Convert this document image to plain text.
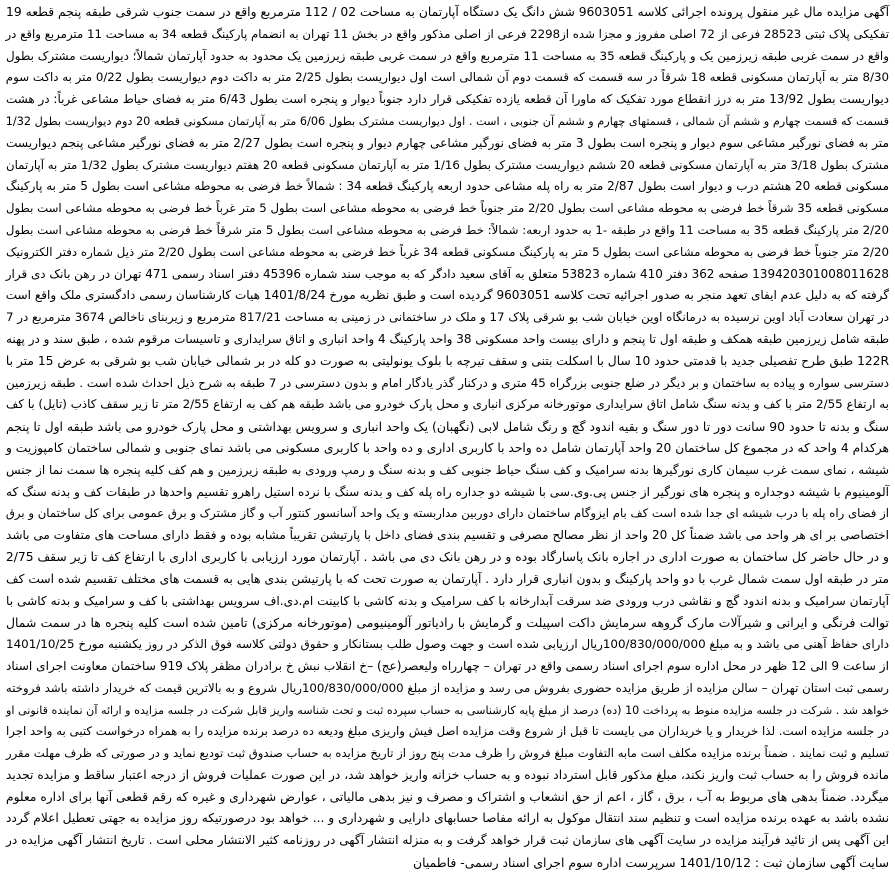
آگهی مزایده مال غیر منقول پرونده اجرائی کلاسه 9603051 شش دانگ یک دستگاه آپارتمان به مساحت 02 / 112 مترمربع واقع در سمت جنوب شرقی طبقه پنجم قطعه 19
تفکیکی پلاک ثبتی 28523 فرعی از 72 اصلی مفروز و مجزا شده از2298 فرعی از اصلی مذکور واقع در بخش 11 تهران به انضمام پارکینگ قطعه 34 به مساحت 11 مترمربع واقع در
واقع در سمت غربی طبقه زیرزمین یک و پارکینگ قطعه 35 به مساحت 11 مترمربع واقع در سمت غربی طبقه زیرزمین یک محدود به حدود آپارتمان شمالاً؛ دیواریست مشترک بطول
8/30 متر به آپارتمان مسکونی قطعه 18 شرقاً در سه قسمت که قسمت دوم آن شمالی است اول دیواریست بطول 2/25 متر به داکت دوم دیواریست بطول 0/22 متر به داکت سوم
دیواریست بطول 13/92 متر به درز انقطاع مورد تفکیک که ماورا آن قطعه یازده تفکیکی قرار دارد جنوباً دیوار و پنجره است بطول 6/43 متر به فضای حیاط مشاعی غرباً: در هشت
قسمت که قسمت چهارم و ششم آن شمالی ، قسمتهای چهارم و ششم آن جنوبی ، است . اول دیواریست مشترک بطول 6/06 متر به آپارتمان مسکونی قطعه 20 دوم دیواریست بطول 1/32
متر به فضای نورگیر مشاعی سوم دیوار و پنجره است بطول 3 متر به فضای نورگیر مشاعی چهارم دیوار و پنجره است بطول 2/27 متر به فضای نورگیر مشاعی پنجم دیواریست
مشترک بطول 3/18 متر به آپارتمان مسکونی قطعه 20 ششم دیواریست مشترک بطول 1/16 متر به آپارتمان مسکونی قطعه 20 هفتم دیواریست مشترک بطول 1/32 متر به آپارتمان
مسکونی قطعه 20 هشتم درب و دیوار است بطول 2/87 متر به راه پله مشاعی حدود اربعه پارکینگ قطعه 34 : شمالاً خط فرضی به محوطه مشاعی است بطول 5 متر به پارکینگ
مسکونی قطعه 35 شرقاً خط فرضی به محوطه مشاعی است بطول 2/20 متر جنوباً خط فرضی به محوطه مشاعی است بطول 5 متر غرباً خط فرضی به محوطه مشاعی است بطول
2/20 متر پارکینگ قطعه 35 به مساحت 11 واقع در طبقه -1 به حدود اربعه: شمالاً: خط فرضی به محوطه مشاعی است بطول 5 متر شرقاً خط فرضی به محوطه مشاعی است بطول
2/20 متر جنوباً خط فرضی به محوطه مشاعی است بطول 5 متر به پارکینگ مسکونی قطعه 34 غرباً خط فرضی به محوطه مشاعی است بطول 2/20 متر ذیل شماره دفتر الکترونیک
139420301008011628 صفحه 362 دفتر 410 شماره 53823 متعلق به آقای سعید دادگر که به موجب سند شماره 45396 دفتر اسناد رسمی 471 تهران در رهن بانک دی قرار
گرفته که به دلیل عدم ایفای تعهد منجر به صدور اجرائیه تحت کلاسه 9603051 گردیده است و طبق نظریه مورخ 1401/8/24 هیات کارشناسان رسمی دادگستری ملک واقع است
در تهران سعادت آباد اوین نرسیده به درمانگاه اوین خیابان شب بو شرقی پلاک 17 و ملک در ساختمانی در زمینی به مساحت 817/21 مترمربع و زیربنای ناخالص 3674 مترمربع در 7
طبقه شامل زیرزمین طبقه همکف و طبقه اول تا پنجم و دارای بیست واحد مسکونی 38 واحد پارکینگ 4 واحد انباری و اتاق سرایداری و تاسیسات مرقوم شده ، طبق سند و در پهنه
122R طبق طرح تفصیلی جدید با قدمتی حدود 10 سال با اسکلت بتنی و سقف تیرچه با بلوک یونولیتی به صورت دو کله در بر شمالی خیابان شب بو شرقی به عرض 15 متر با
دسترسی سواره و پیاده به ساختمان و بر دیگر در ضلع جنوبی بزرگراه 45 متری و درکنار گذر یادگار امام و بدون دسترسی در 7 طبقه به شرح ذیل احداث شده است . طبقه زیرزمین
به ارتفاع 2/55 متر با کف و بدنه سنگ شامل اتاق سرایداری موتورخانه مرکزی انباری و محل پارک خودرو می باشد طبقه هم کف به ارتفاع 2/55 متر تا زیر سقف کاذب (تایل) با کف
سنگ و بدنه تا حدود 90 سانت دور تا دور سنگ و بقیه اندود گچ و رنگ شامل لابی (نگهبان) یک واحد انباری و سرویس بهداشتی و محل پارک خودرو می باشد طبقه اول تا پنجم
هرکدام 4 واحد که در مجموع کل ساختمان 20 واحد آپارتمان شامل ده واحد با کاربری اداری و ده واحد با کاربری مسکونی می باشد نمای جنوبی و شمالی ساختمان کامپوزیت و
شیشه ، نمای سمت غرب سیمان کاری نورگیرها بدنه سرامیک و کف سنگ حیاط جنوبی کف و بدنه سنگ و رمپ ورودی به طبقه زیرزمین و هم کف کلیه پنجره ها سمت نما از جنس
آلومینیوم با شیشه دوجداره و پنجره های نورگیر از جنس پی.وی.سی با شیشه دو جداره راه پله کف و بدنه سنگ با نرده استیل راهرو تقسیم واحدها در طبقات کف و بدنه سنگ که
از فضای راه پله با درب شیشه ای جدا شده است کف بام ایزوگام ساختمان دارای دوربین مداربسته و یک واحد آسانسور کنتور آب و گاز مشترک و برق عمومی برای کل ساختمان و برق
اختصاصی بر ای هر واحد می باشد ضمناً کل 20 واحد از نظر مصالح مصرفی و تقسیم بندی فضای داخل با پارتیشن تقریباً مشابه بوده و فقط دارای مساحت های متفاوت می باشد
و در حال حاضر کل ساختمان به صورت اداری در اجاره بانک پاسارگاد بوده و در رهن بانک دی می باشد . آپارتمان مورد ارزیابی با کاربری اداری با ارتفاع کف تا زیر سقف 2/75
متر در طبقه اول سمت شمال غرب با دو واحد پارکینگ و بدون انباری قرار دارد . آپارتمان به صورت تحت که با پارتیشن بندی هایی به قسمت های مختلف تقسیم شده است کف
آپارتمان سرامیک و بدنه اندود گچ و نقاشی درب ورودی ضد سرقت آبدارخانه با کف سرامیک و بدنه کاشی با کابینت ام.دی.اف سرویس بهداشتی با کف و سرامیک و بدنه کاشی با
توالت فرنگی و ایرانی و شیرآلات مارک گروهه سرمایش داکت اسپیلت و گرمایش با رادیاتور آلومینیومی (موتورخانه مرکزی) تامین شده است کلیه پنجره ها در سمت شمال
دارای حفاظ آهنی می باشد و به مبلغ 100/830/000/000ریال ارزیابی شده است و جهت وصول طلب بستانکار و حقوق دولتی کلاسه فوق الذکر در روز یکشنبه مورخ 1401/10/25
از ساعت 9 الی 12 ظهر در محل اداره سوم اجرای اسناد رسمی واقع در تهران – چهارراه ولیعصر(عج) –خ انقلاب نبش خ برادران مظفر پلاک 919 ساختمان معاونت اجرای اسناد
رسمی ثبت استان تهران – سالن مزایده از طریق مزایده حضوری بفروش می رسد و مزایده از مبلغ 100/830/000/000ریال شروع و به بالاترین قیمت که خریدار داشته باشد فروخته
خواهد شد . شرکت در جلسه مزایده منوط به پرداخت 10 (ده) درصد از مبلغ پایه کارشناسی به حساب سپرده ثبت و تحت شناسه واریز قابل شرکت در جلسه مزایده و ارائه آن نماینده قانونی او
در جلسه مزایده است. لذا خریدار و یا خریداران می بایست تا قبل از شروع وقت مزایده اصل فیش واریزی مبلغ ودیعه ده درصد برنده مزایده را به همراه درخواست کتبی به واحد اجرا
تسلیم و ثبت نمایند . ضمناً برنده مزایده مکلف است مابه التفاوت مبلغ فروش را ظرف مدت پنج روز از تاریخ مزایده به حساب صندوق ثبت تودیع نماید و در صورتی که ظرف مهلت مقرر
مانده فروش را به حساب ثبت واریز نکند، مبلغ مذکور قابل استرداد نبوده و به حساب خزانه واریز خواهد شد، در این صورت عملیات فروش از درجه اعتبار ساقط و مزایده تجدید
میگردد. ضمناً بدهی های مربوط به آب ، برق ، گاز ، اعم از حق انشعاب و اشتراک و مصرف و نیز بدهی مالیاتی ، عوارض شهرداری و غیره که رقم قطعی آنها برای اداره معلوم
نشده باشد به عهده برنده مزایده است و تنظیم سند انتقال موکول به ارائه مفاصا حسابهای دارایی و شهرداری و ... خواهد بود درصورتیکه روز مزایده به جهتی تعطیل اعلام گردد
این آگهی پس از تائید فرآیند مزایده در سایت آگهی های سازمان ثبت قرار خواهد گرفت و به منزله انتشار آگهی در روزنامه کثیر الانتشار محلی است . تاریخ انتشار آگهی مزایده در
سایت آگهی سازمان ثبت : 1401/10/12 سرپرست اداره سوم اجرای اسناد رسمی- فاطمیان
